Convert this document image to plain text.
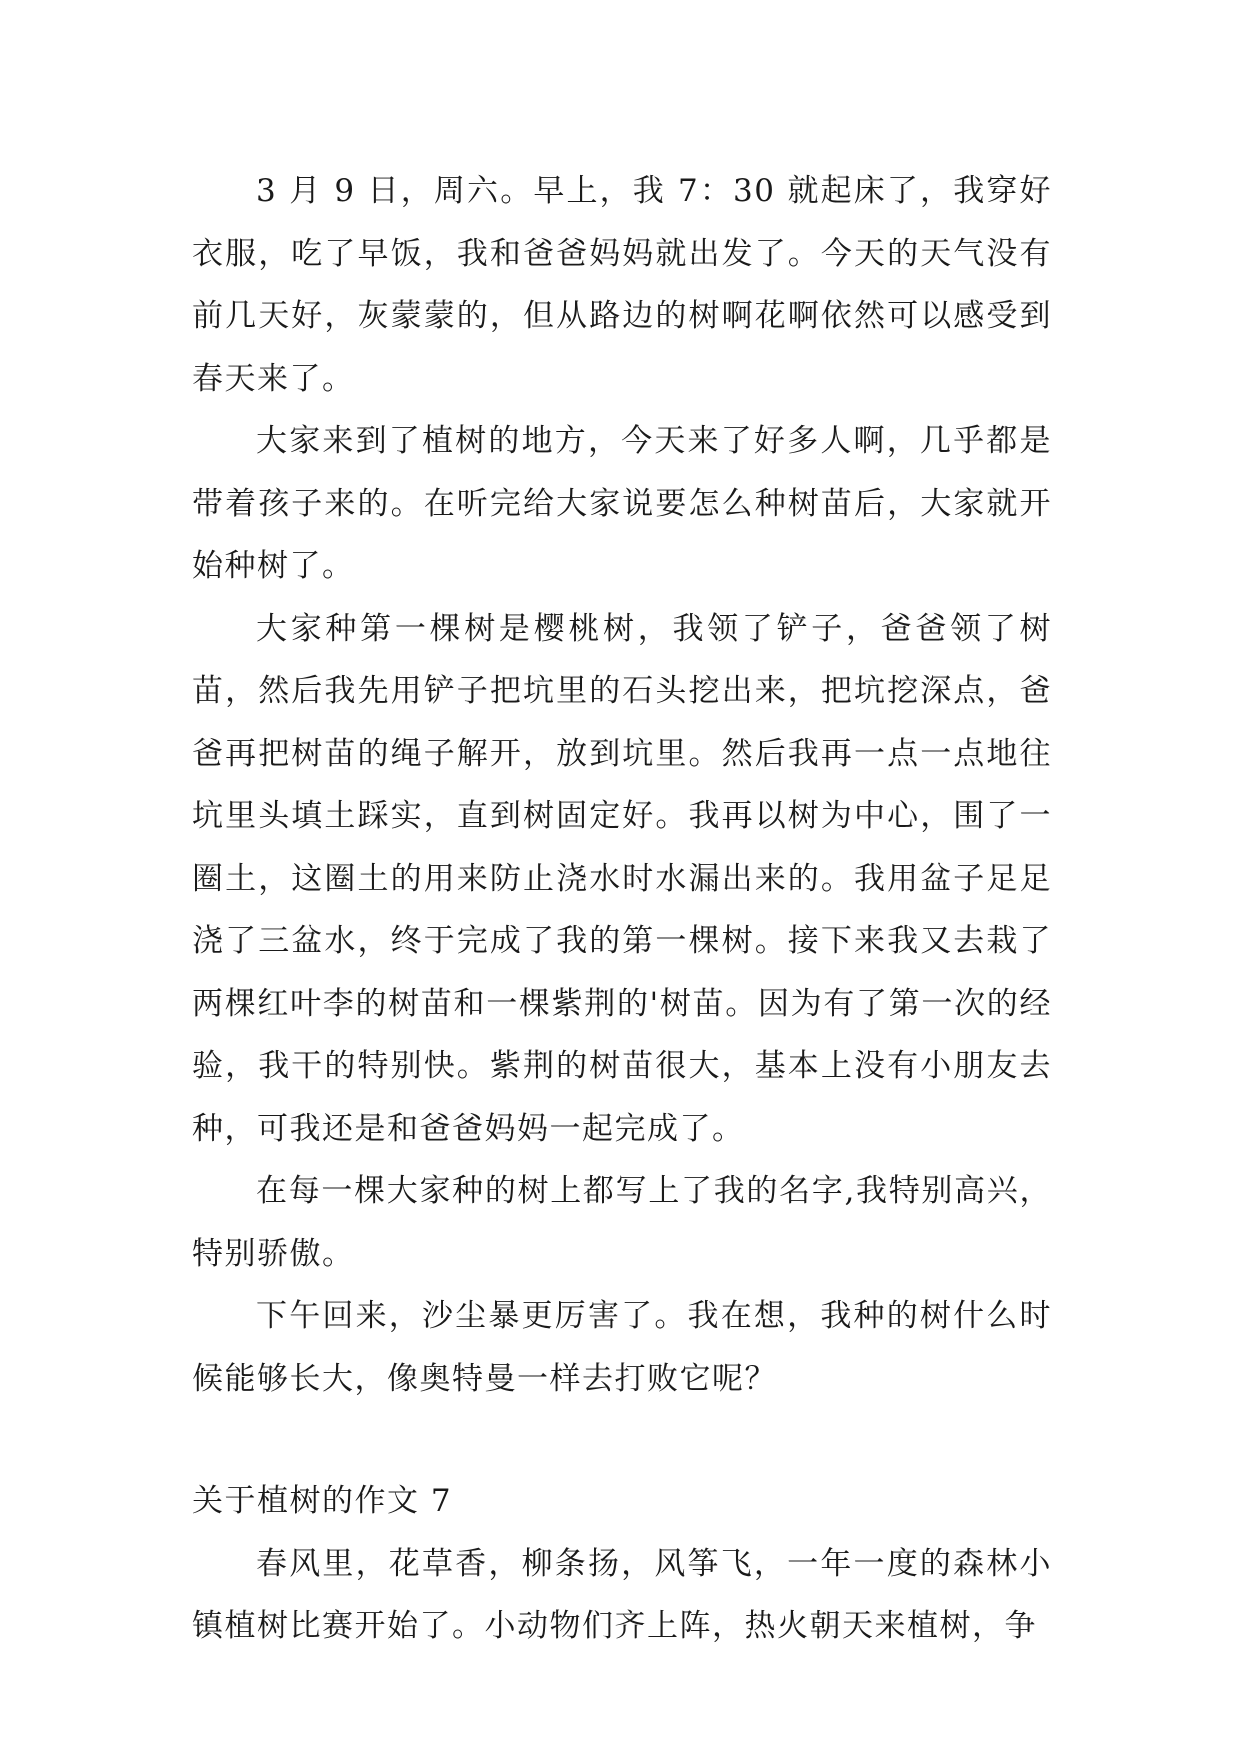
3 月 9 日，周六。早上，我 7：30 就起床了，我穿好衣服，吃了早饭，我和爸爸妈妈就出发了。今天的天气没有前几天好，灰蒙蒙的，但从路边的树啊花啊依然可以感受到春天来了。

大家来到了植树的地方，今天来了好多人啊，几乎都是带着孩子来的。在听完给大家说要怎么种树苗后，大家就开始种树了。

大家种第一棵树是樱桃树，我领了铲子，爸爸领了树苗，然后我先用铲子把坑里的石头挖出来，把坑挖深点，爸爸再把树苗的绳子解开，放到坑里。然后我再一点一点地往坑里头填土踩实，直到树固定好。我再以树为中心，围了一圈土，这圈土的用来防止浇水时水漏出来的。我用盆子足足浇了三盆水，终于完成了我的第一棵树。接下来我又去栽了两棵红叶李的树苗和一棵紫荆的'树苗。因为有了第一次的经验，我干的特别快。紫荆的树苗很大，基本上没有小朋友去种，可我还是和爸爸妈妈一起完成了。

在每一棵大家种的树上都写上了我的名字,我特别高兴，特别骄傲。

下午回来，沙尘暴更厉害了。我在想，我种的树什么时候能够长大，像奥特曼一样去打败它呢？

关于植树的作文 7

春风里，花草香，柳条扬，风筝飞，一年一度的森林小镇植树比赛开始了。小动物们齐上阵，热火朝天来植树，争
